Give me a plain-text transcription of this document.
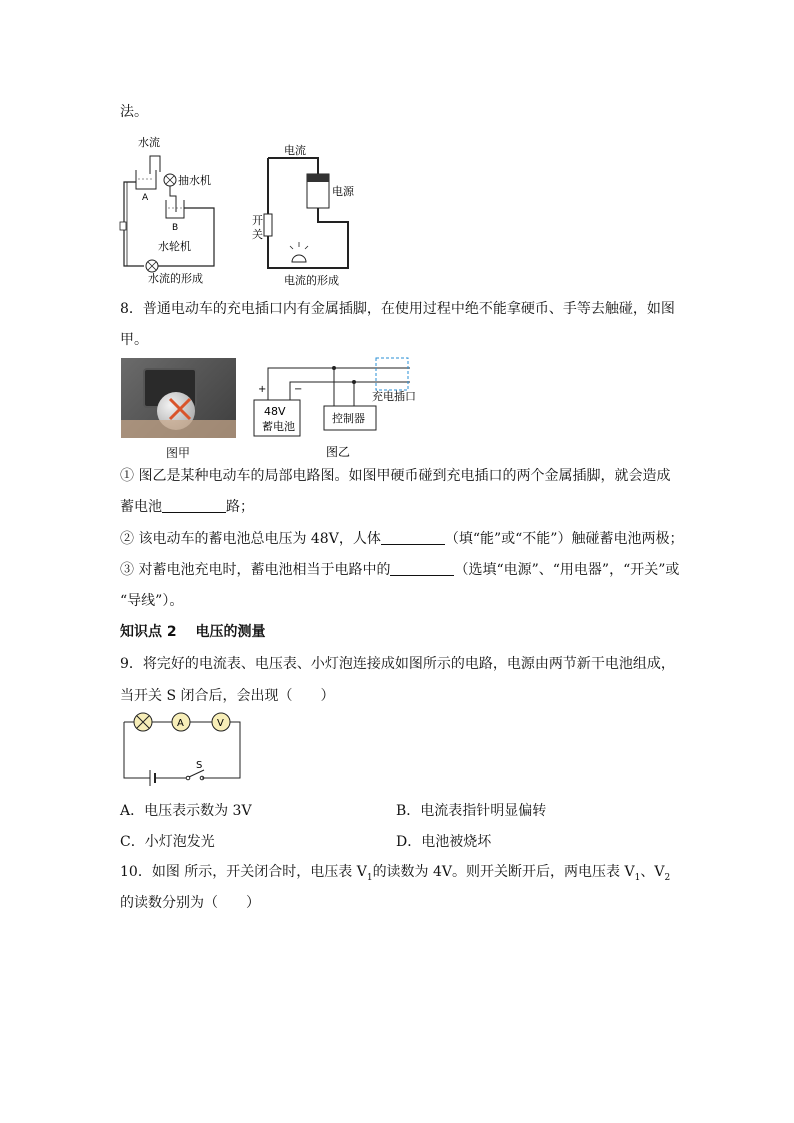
法。
水流
A
B
抽水机
水轮机
水流的形成
电流
电源
开
关
电流的形成
8．普通电动车的充电插口内有金属插脚，在使用过程中绝不能拿硬币、手等去触碰，如图
甲。
图甲
+	−
48V
蓄电池
控制器
充电插口
图乙
① 图乙是某种电动车的局部电路图。如图甲硬币碰到充电插口的两个金属插脚，就会造成
蓄电池	路；
② 该电动车的蓄电池总电压为 48V，人体	（填“能”或“不能”）触碰蓄电池两极；
③ 对蓄电池充电时，蓄电池相当于电路中的	（选填“电源”、“用电器”，“开关”或
“导线”）。
知识点 2　 电压的测量
9．将完好的电流表、电压表、小灯泡连接成如图所示的电路，电源由两节新干电池组成，
当开关 S 闭合后，会出现（　　）
A	V
S
A．电压表示数为 3V	B．电流表指针明显偏转
C．小灯泡发光	D．电池被烧坏
10．如图 所示，开关闭合时，电压表 $V_1$的读数为 4V。则开关断开后，两电压表 $V_1$、$V_2$
的读数分别为（　　）
